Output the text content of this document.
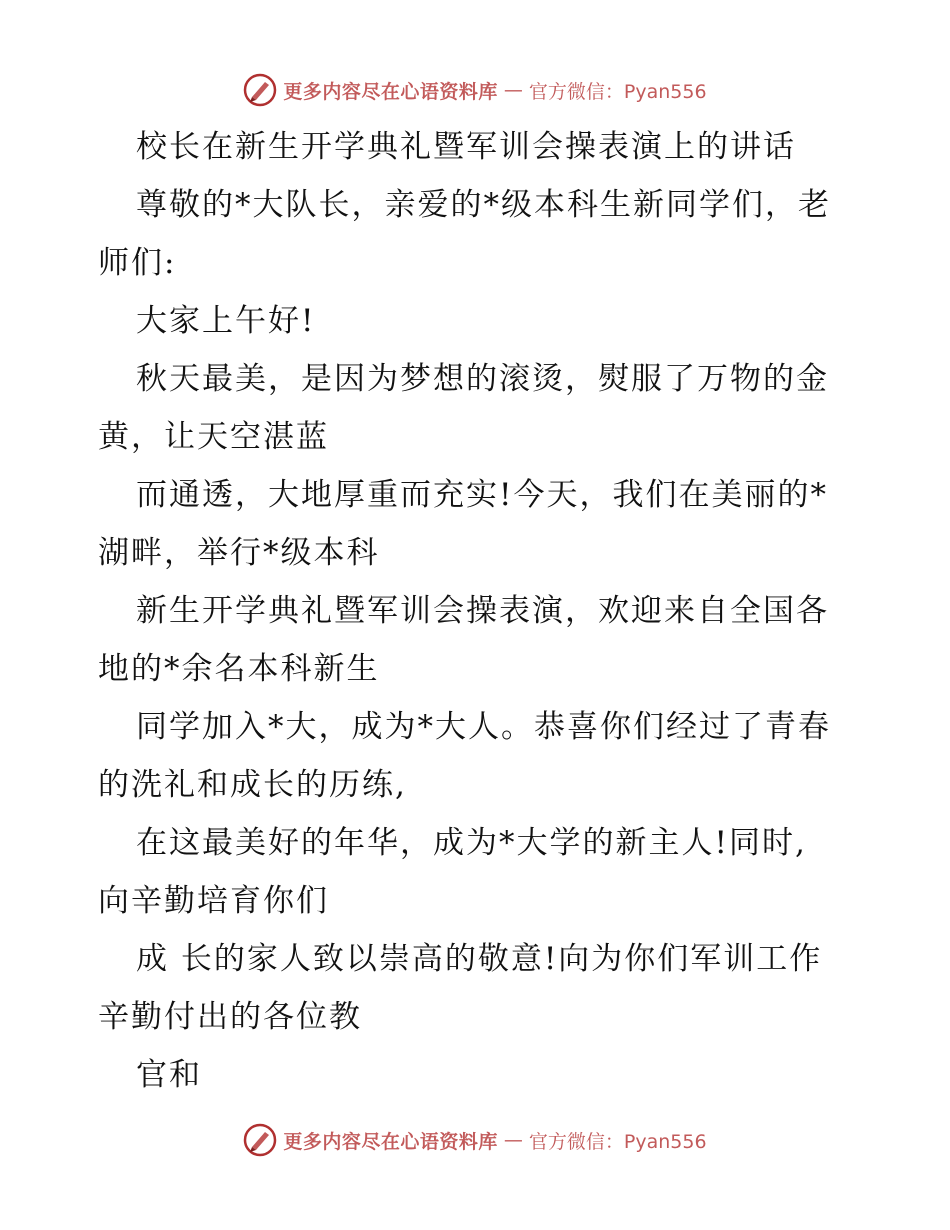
更多内容尽在心语资料库 — 官方微信：Pyan556
校长在新生开学典礼暨军训会操表演上的讲话
尊敬的*大队长，亲爱的*级本科生新同学们，老
师们:
大家上午好!
秋天最美，是因为梦想的滚烫，熨服了万物的金
黄，让天空湛蓝
而通透，大地厚重而充实!今天，我们在美丽的*
湖畔，举行*级本科
新生开学典礼暨军训会操表演，欢迎来自全国各
地的*余名本科新生
同学加入*大，成为*大人。恭喜你们经过了青春
的洗礼和成长的历练,
在这最美好的年华，成为*大学的新主人!同时,
向辛勤培育你们
成 长的家人致以崇高的敬意!向为你们军训工作
辛勤付出的各位教
官和
更多内容尽在心语资料库 — 官方微信：Pyan556
